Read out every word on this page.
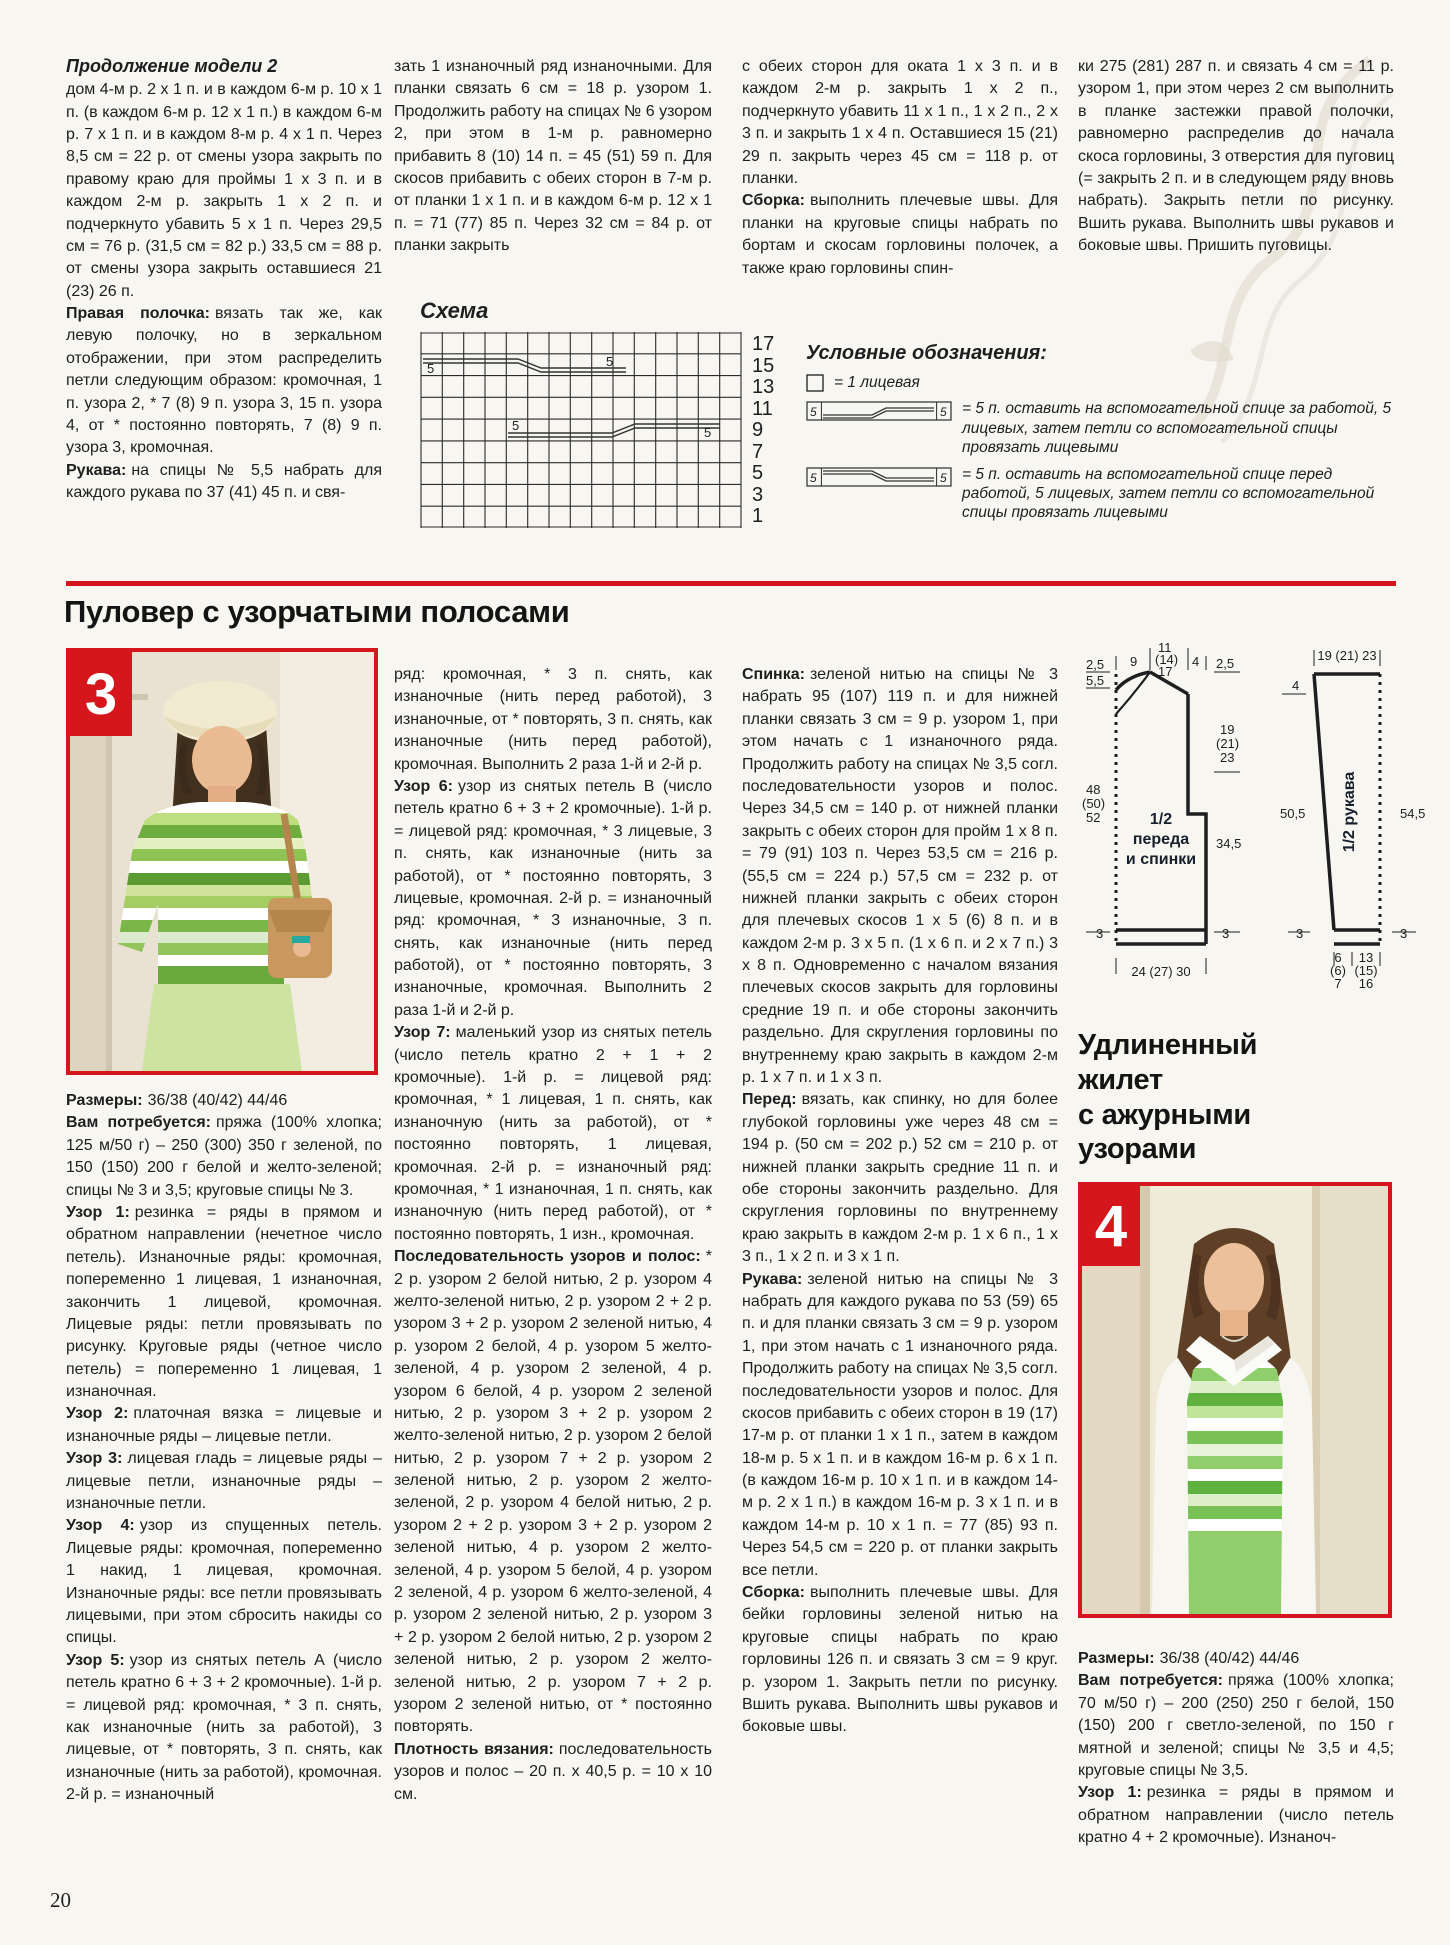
Продолжение модели 2

дом 4-м р. 2 х 1 п. и в каждом 6-м р. 10 х 1 п. (в каждом 6-м р. 12 х 1 п.) в каждом 6-м р. 7 х 1 п. и в каждом 8-м р. 4 х 1 п. Через 8,5 см = 22 р. от смены узора закрыть по правому краю для проймы 1 х 3 п. и в каждом 2-м р. закрыть 1 х 2 п. и подчеркнуто убавить 5 х 1 п. Через 29,5 см = 76 р. (31,5 см = 82 р.) 33,5 см = 88 р. от смены узора закрыть оставшиеся 21 (23) 26 п.

Правая полочка: вязать так же, как левую полочку, но в зеркальном отображении, при этом распределить петли следующим образом: кромочная, 1 п. узора 2, * 7 (8) 9 п. узора 3, 15 п. узора 4, от * постоянно повторять, 7 (8) 9 п. узора 3, кромочная.

Рукава: на спицы № 5,5 набрать для каждого рукава по 37 (41) 45 п. и свя-

зать 1 изнаночный ряд изнаночными. Для планки связать 6 см = 18 р. узором 1. Продолжить работу на спицах № 6 узором 2, при этом в 1-м р. равномерно прибавить 8 (10) 14 п. = 45 (51) 59 п. Для скосов прибавить с обеих сторон в 7-м р. от планки 1 х 1 п. и в каждом 6-м р. 12 х 1 п. = 71 (77) 85 п. Через 32 см = 84 р. от планки закрыть

с обеих сторон для оката 1 х 3 п. и в каждом 2-м р. закрыть 1 х 2 п., подчеркнуто убавить 11 х 1 п., 1 х 2 п., 2 х 3 п. и закрыть 1 х 4 п. Оставшиеся 15 (21) 29 п. закрыть через 45 см = 118 р. от планки.

Сборка: выполнить плечевые швы. Для планки на круговые спицы набрать по бортам и скосам горловины полочек, а также краю горловины спин-

ки 275 (281) 287 п. и связать 4 см = 11 р. узором 1, при этом через 2 см выполнить в планке застежки правой полочки, равномерно распределив до начала скоса горловины, 3 отверстия для пуговиц (= закрыть 2 п. и в следующем ряду вновь набрать). Закрыть петли по рисунку. Вшить рукава. Выполнить швы рукавов и боковые швы. Пришить пуговицы.

Схема
5	5
5	5
17
15
13
11
9
7
5
3
1

Условные обозначения:

= 1 лицевая
5	5 = 5 п. оставить на вспомогательной спице за работой, 5 лицевых, затем петли со вспомогательной спицы провязать лицевыми
5	5 = 5 п. оставить на вспомогательной спице перед работой, 5 лицевых, затем петли со вспомогательной спицы провязать лицевыми
Пуловер с узорчатыми полосами
3

Размеры: 36/38 (40/42) 44/46

Вам потребуется: пряжа (100% хлопка; 125 м/50 г) – 250 (300) 350 г зеленой, по 150 (150) 200 г белой и желто-зеленой; спицы № 3 и 3,5; круговые спицы № 3.

Узор 1: резинка = ряды в прямом и обратном направлении (нечетное число петель). Изнаночные ряды: кромочная, попеременно 1 лицевая, 1 изнаночная, закончить 1 лицевой, кромочная. Лицевые ряды: петли провязывать по рисунку. Круговые ряды (четное число петель) = попеременно 1 лицевая, 1 изнаночная.

Узор 2: платочная вязка = лицевые и изнаночные ряды – лицевые петли.

Узор 3: лицевая гладь = лицевые ряды – лицевые петли, изнаночные ряды – изнаночные петли.

Узор 4: узор из спущенных петель. Лицевые ряды: кромочная, попеременно 1 накид, 1 лицевая, кромочная. Изнаночные ряды: все петли провязывать лицевыми, при этом сбросить накиды со спицы.

Узор 5: узор из снятых петель А (число петель кратно 6 + 3 + 2 кромочные). 1-й р. = лицевой ряд: кромочная, * 3 п. снять, как изнаночные (нить за работой), 3 лицевые, от * повторять, 3 п. снять, как изнаночные (нить за работой), кромочная. 2-й р. = изнаночный

ряд: кромочная, * 3 п. снять, как изнаночные (нить перед работой), 3 изнаночные, от * повторять, 3 п. снять, как изнаночные (нить перед работой), кромочная. Выполнить 2 раза 1-й и 2-й р.

Узор 6: узор из снятых петель В (число петель кратно 6 + 3 + 2 кромочные). 1-й р. = лицевой ряд: кромочная, * 3 лицевые, 3 п. снять, как изнаночные (нить за работой), от * постоянно повторять, 3 лицевые, кромочная. 2-й р. = изнаночный ряд: кромочная, * 3 изнаночные, 3 п. снять, как изнаночные (нить перед работой), от * постоянно повторять, 3 изнаночные, кромочная. Выполнить 2 раза 1-й и 2-й р.

Узор 7: маленький узор из снятых петель (число петель кратно 2 + 1 + 2 кромочные). 1-й р. = лицевой ряд: кромочная, * 1 лицевая, 1 п. снять, как изнаночную (нить за работой), от * постоянно повторять, 1 лицевая, кромочная. 2-й р. = изнаночный ряд: кромочная, * 1 изнаночная, 1 п. снять, как изнаночную (нить перед работой), от * постоянно повторять, 1 изн., кромочная.

Последовательность узоров и полос: * 2 р. узором 2 белой нитью, 2 р. узором 4 желто-зеленой нитью, 2 р. узором 2 + 2 р. узором 3 + 2 р. узором 2 зеленой нитью, 4 р. узором 2 белой, 4 р. узором 5 желто-зеленой, 4 р. узором 2 зеленой, 4 р. узором 6 белой, 4 р. узором 2 зеленой нитью, 2 р. узором 3 + 2 р. узором 2 желто-зеленой нитью, 2 р. узором 2 белой нитью, 2 р. узором 7 + 2 р. узором 2 зеленой нитью, 2 р. узором 2 желто-зеленой, 2 р. узором 4 белой нитью, 2 р. узором 2 + 2 р. узором 3 + 2 р. узором 2 зеленой нитью, 4 р. узором 2 желто-зеленой, 4 р. узором 5 белой, 4 р. узором 2 зеленой, 4 р. узором 6 желто-зеленой, 4 р. узором 2 зеленой нитью, 2 р. узором 3 + 2 р. узором 2 белой нитью, 2 р. узором 2 зеленой нитью, 2 р. узором 2 желто-зеленой нитью, 2 р. узором 7 + 2 р. узором 2 зеленой нитью, от * постоянно повторять.

Плотность вязания: последовательность узоров и полос – 20 п. x 40,5 р. = 10 x 10 см.

Спинка: зеленой нитью на спицы № 3 набрать 95 (107) 119 п. и для нижней планки связать 3 см = 9 р. узором 1, при этом начать с 1 изнаночного ряда. Продолжить работу на спицах № 3,5 согл. последовательности узоров и полос. Через 34,5 см = 140 р. от нижней планки закрыть с обеих сторон для пройм 1 х 8 п. = 79 (91) 103 п. Через 53,5 см = 216 р. (55,5 см = 224 р.) 57,5 см = 232 р. от нижней планки закрыть с обеих сторон для плечевых скосов 1 х 5 (6) 8 п. и в каждом 2-м р. 3 х 5 п. (1 х 6 п. и 2 х 7 п.) 3 х 8 п. Одновременно с началом вязания плечевых скосов закрыть для горловины средние 19 п. и обе стороны закончить раздельно. Для скругления горловины по внутреннему краю закрыть в каждом 2-м р. 1 х 7 п. и 1 х 3 п.

Перед: вязать, как спинку, но для более глубокой горловины уже через 48 см = 194 р. (50 см = 202 р.) 52 см = 210 р. от нижней планки закрыть средние 11 п. и обе стороны закончить раздельно. Для скругления горловины по внутреннему краю закрыть в каждом 2-м р. 1 х 6 п., 1 х 3 п., 1 х 2 п. и 3 х 1 п.

Рукава: зеленой нитью на спицы № 3 набрать для каждого рукава по 53 (59) 65 п. и для планки связать 3 см = 9 р. узором 1, при этом начать с 1 изнаночного ряда. Продолжить работу на спицах № 3,5 согл. последовательности узоров и полос. Для скосов прибавить с обеих сторон в 19 (17) 17-м р. от планки 1 х 1 п., затем в каждом 18-м р. 5 х 1 п. и в каждом 16-м р. 6 х 1 п. (в каждом 16-м р. 10 х 1 п. и в каждом 14-м р. 2 х 1 п.) в каждом 16-м р. 3 х 1 п. и в каждом 14-м р. 10 х 1 п. = 77 (85) 93 п. Через 54,5 см = 220 р. от планки закрыть все петли.

Сборка: выполнить плечевые швы. Для бейки горловины зеленой нитью на круговые спицы набрать по краю горловины 126 п. и связать 3 см = 9 круг. р. узором 1. Закрыть петли по рисунку. Вшить рукава. Выполнить швы рукавов и боковые швы.

9
11
(14)
17
4
2,5
5,5
48
(50)
52
2,5
19
(21)
23
34,5
3	3
24 (27) 30
1/2
переда
и спинки
19 (21) 23
4
50,5
3
54,5
3
6
(6)
7
13
(15)
16
1/2 рукава
Удлиненный
жилет
с ажурными
узорами
4

Размеры: 36/38 (40/42) 44/46

Вам потребуется: пряжа (100% хлопка; 70 м/50 г) – 200 (250) 250 г белой, 150 (150) 200 г светло-зеленой, по 150 г мятной и зеленой; спицы № 3,5 и 4,5; круговые спицы № 3,5.

Узор 1: резинка = ряды в прямом и обратном направлении (число петель кратно 4 + 2 кромочные). Изнаноч-

20
